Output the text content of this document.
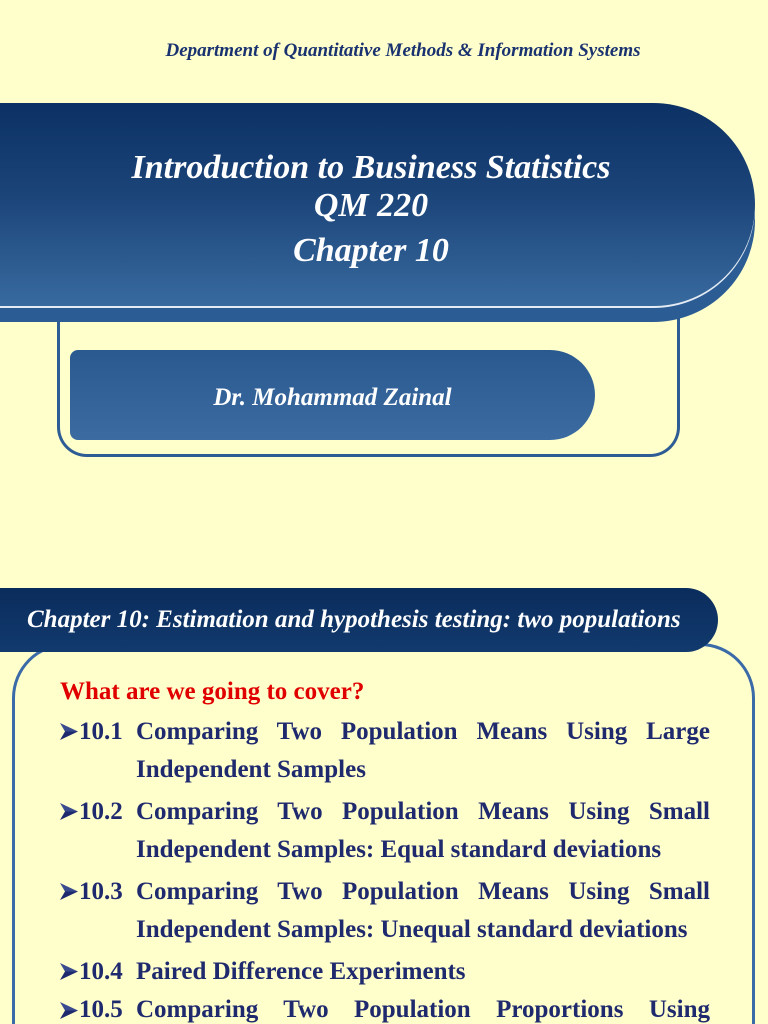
Department of Quantitative Methods & Information Systems
Introduction to Business Statistics
QM 220
Chapter 10
Dr. Mohammad Zainal
Chapter 10: Estimation and hypothesis testing: two populations
What are we going to cover?
10.1 Comparing Two Population Means Using Large
Independent Samples
10.2 Comparing Two Population Means Using Small
Independent Samples: Equal standard deviations
10.3 Comparing Two Population Means Using Small
Independent Samples: Unequal standard deviations
10.4 Paired Difference Experiments
10.5 Comparing Two Population Proportions Using
